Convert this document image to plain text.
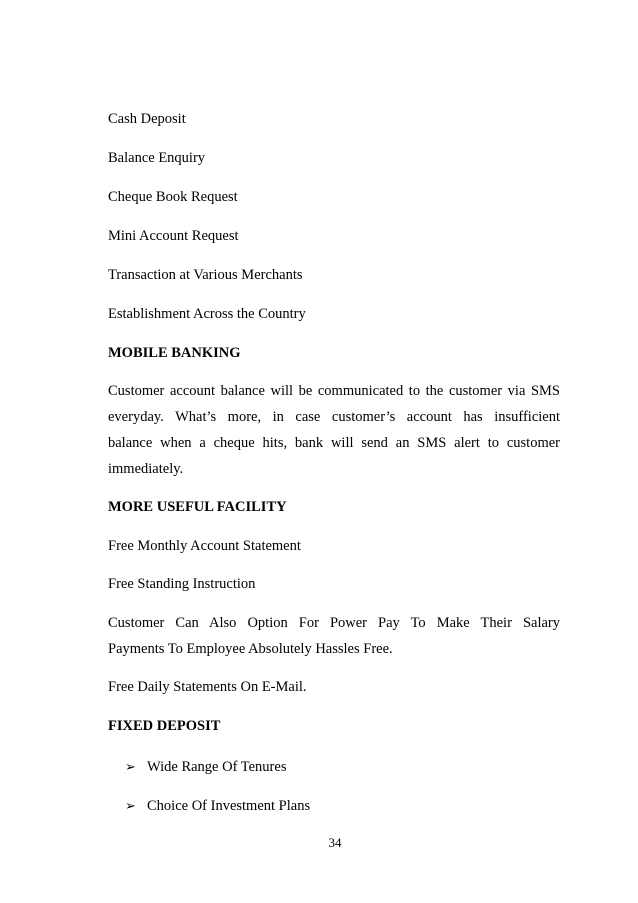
Cash Deposit
Balance Enquiry
Cheque Book Request
Mini Account Request
Transaction at Various Merchants
Establishment Across the Country
MOBILE BANKING
Customer account balance will be communicated to the customer via SMS
everyday. What’s more, in case customer’s account has insufficient
balance when a cheque hits, bank will send an SMS alert to customer
immediately.
MORE USEFUL FACILITY
Free Monthly Account Statement
Free Standing Instruction
Customer Can Also Option For Power Pay To Make Their Salary
Payments To Employee Absolutely Hassles Free.
Free Daily Statements On E-Mail.
FIXED DEPOSIT
➢ Wide Range Of Tenures
➢ Choice Of Investment Plans
34
